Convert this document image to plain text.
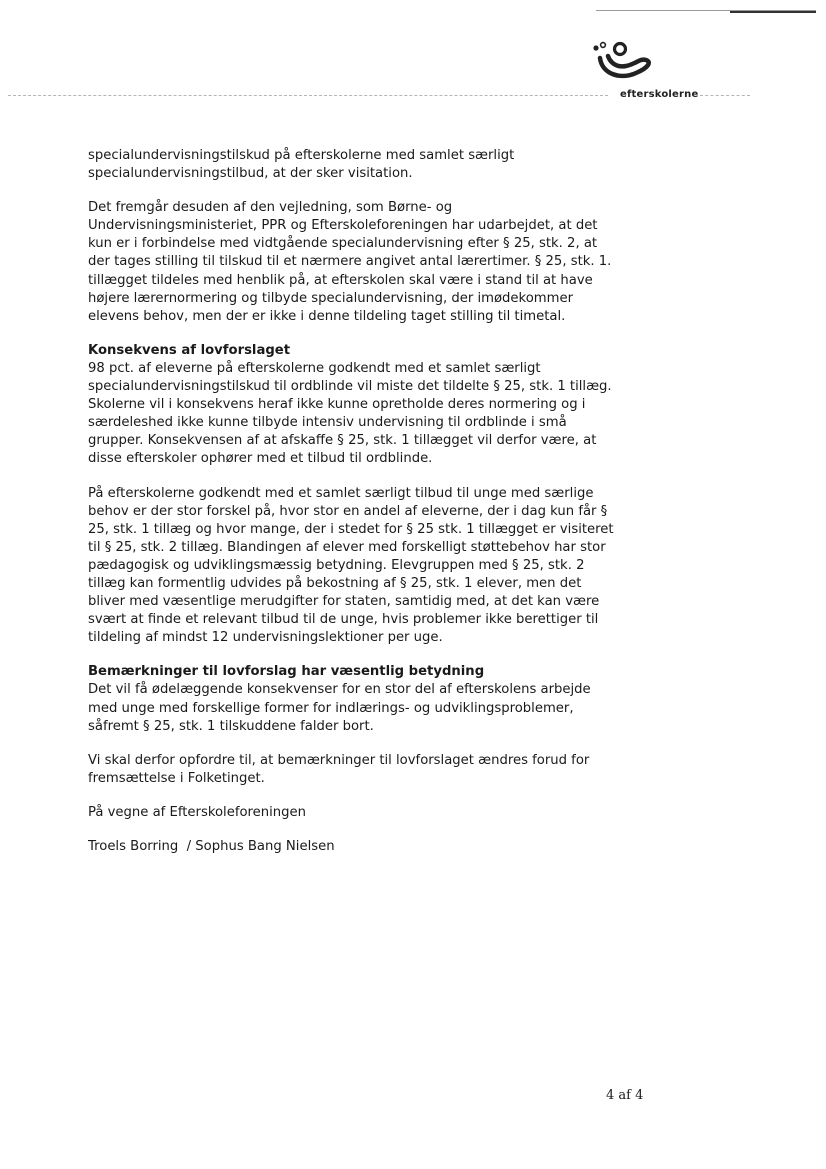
efterskolerne

specialundervisningstilskud på efterskolerne med samlet særligt specialundervisningstilbud, at der sker visitation.

Det fremgår desuden af den vejledning, som Børne- og Undervisningsministeriet, PPR og Efterskoleforeningen har udarbejdet, at det kun er i forbindelse med vidtgående specialundervisning efter § 25, stk. 2, at der tages stilling til tilskud til et nærmere angivet antal lærertimer. § 25, stk. 1. tillægget tildeles med henblik på, at efterskolen skal være i stand til at have højere lærernormering og tilbyde specialundervisning, der imødekommer elevens behov, men der er ikke i denne tildeling taget stilling til timetal.

Konsekvens af lovforslaget

98 pct. af eleverne på efterskolerne godkendt med et samlet særligt specialundervisningstilskud til ordblinde vil miste det tildelte § 25, stk. 1 tillæg. Skolerne vil i konsekvens heraf ikke kunne opretholde deres normering og i særdeleshed ikke kunne tilbyde intensiv undervisning til ordblinde i små grupper. Konsekvensen af at afskaffe § 25, stk. 1 tillægget vil derfor være, at disse efterskoler ophører med et tilbud til ordblinde.

På efterskolerne godkendt med et samlet særligt tilbud til unge med særlige behov er der stor forskel på, hvor stor en andel af eleverne, der i dag kun får § 25, stk. 1 tillæg og hvor mange, der i stedet for § 25 stk. 1 tillægget er visiteret til § 25, stk. 2 tillæg. Blandingen af elever med forskelligt støttebehov har stor pædagogisk og udviklingsmæssig betydning. Elevgruppen med § 25, stk. 2 tillæg kan formentlig udvides på bekostning af § 25, stk. 1 elever, men det bliver med væsentlige merudgifter for staten, samtidig med, at det kan være svært at finde et relevant tilbud til de unge, hvis problemer ikke berettiger til tildeling af mindst 12 undervisningslektioner per uge.

Bemærkninger til lovforslag har væsentlig betydning

Det vil få ødelæggende konsekvenser for en stor del af efterskolens arbejde med unge med forskellige former for indlærings- og udviklingsproblemer, såfremt § 25, stk. 1 tilskuddene falder bort.

Vi skal derfor opfordre til, at bemærkninger til lovforslaget ændres forud for fremsættelse i Folketinget.

På vegne af Efterskoleforeningen

Troels Borring  / Sophus Bang Nielsen

4 af 4
